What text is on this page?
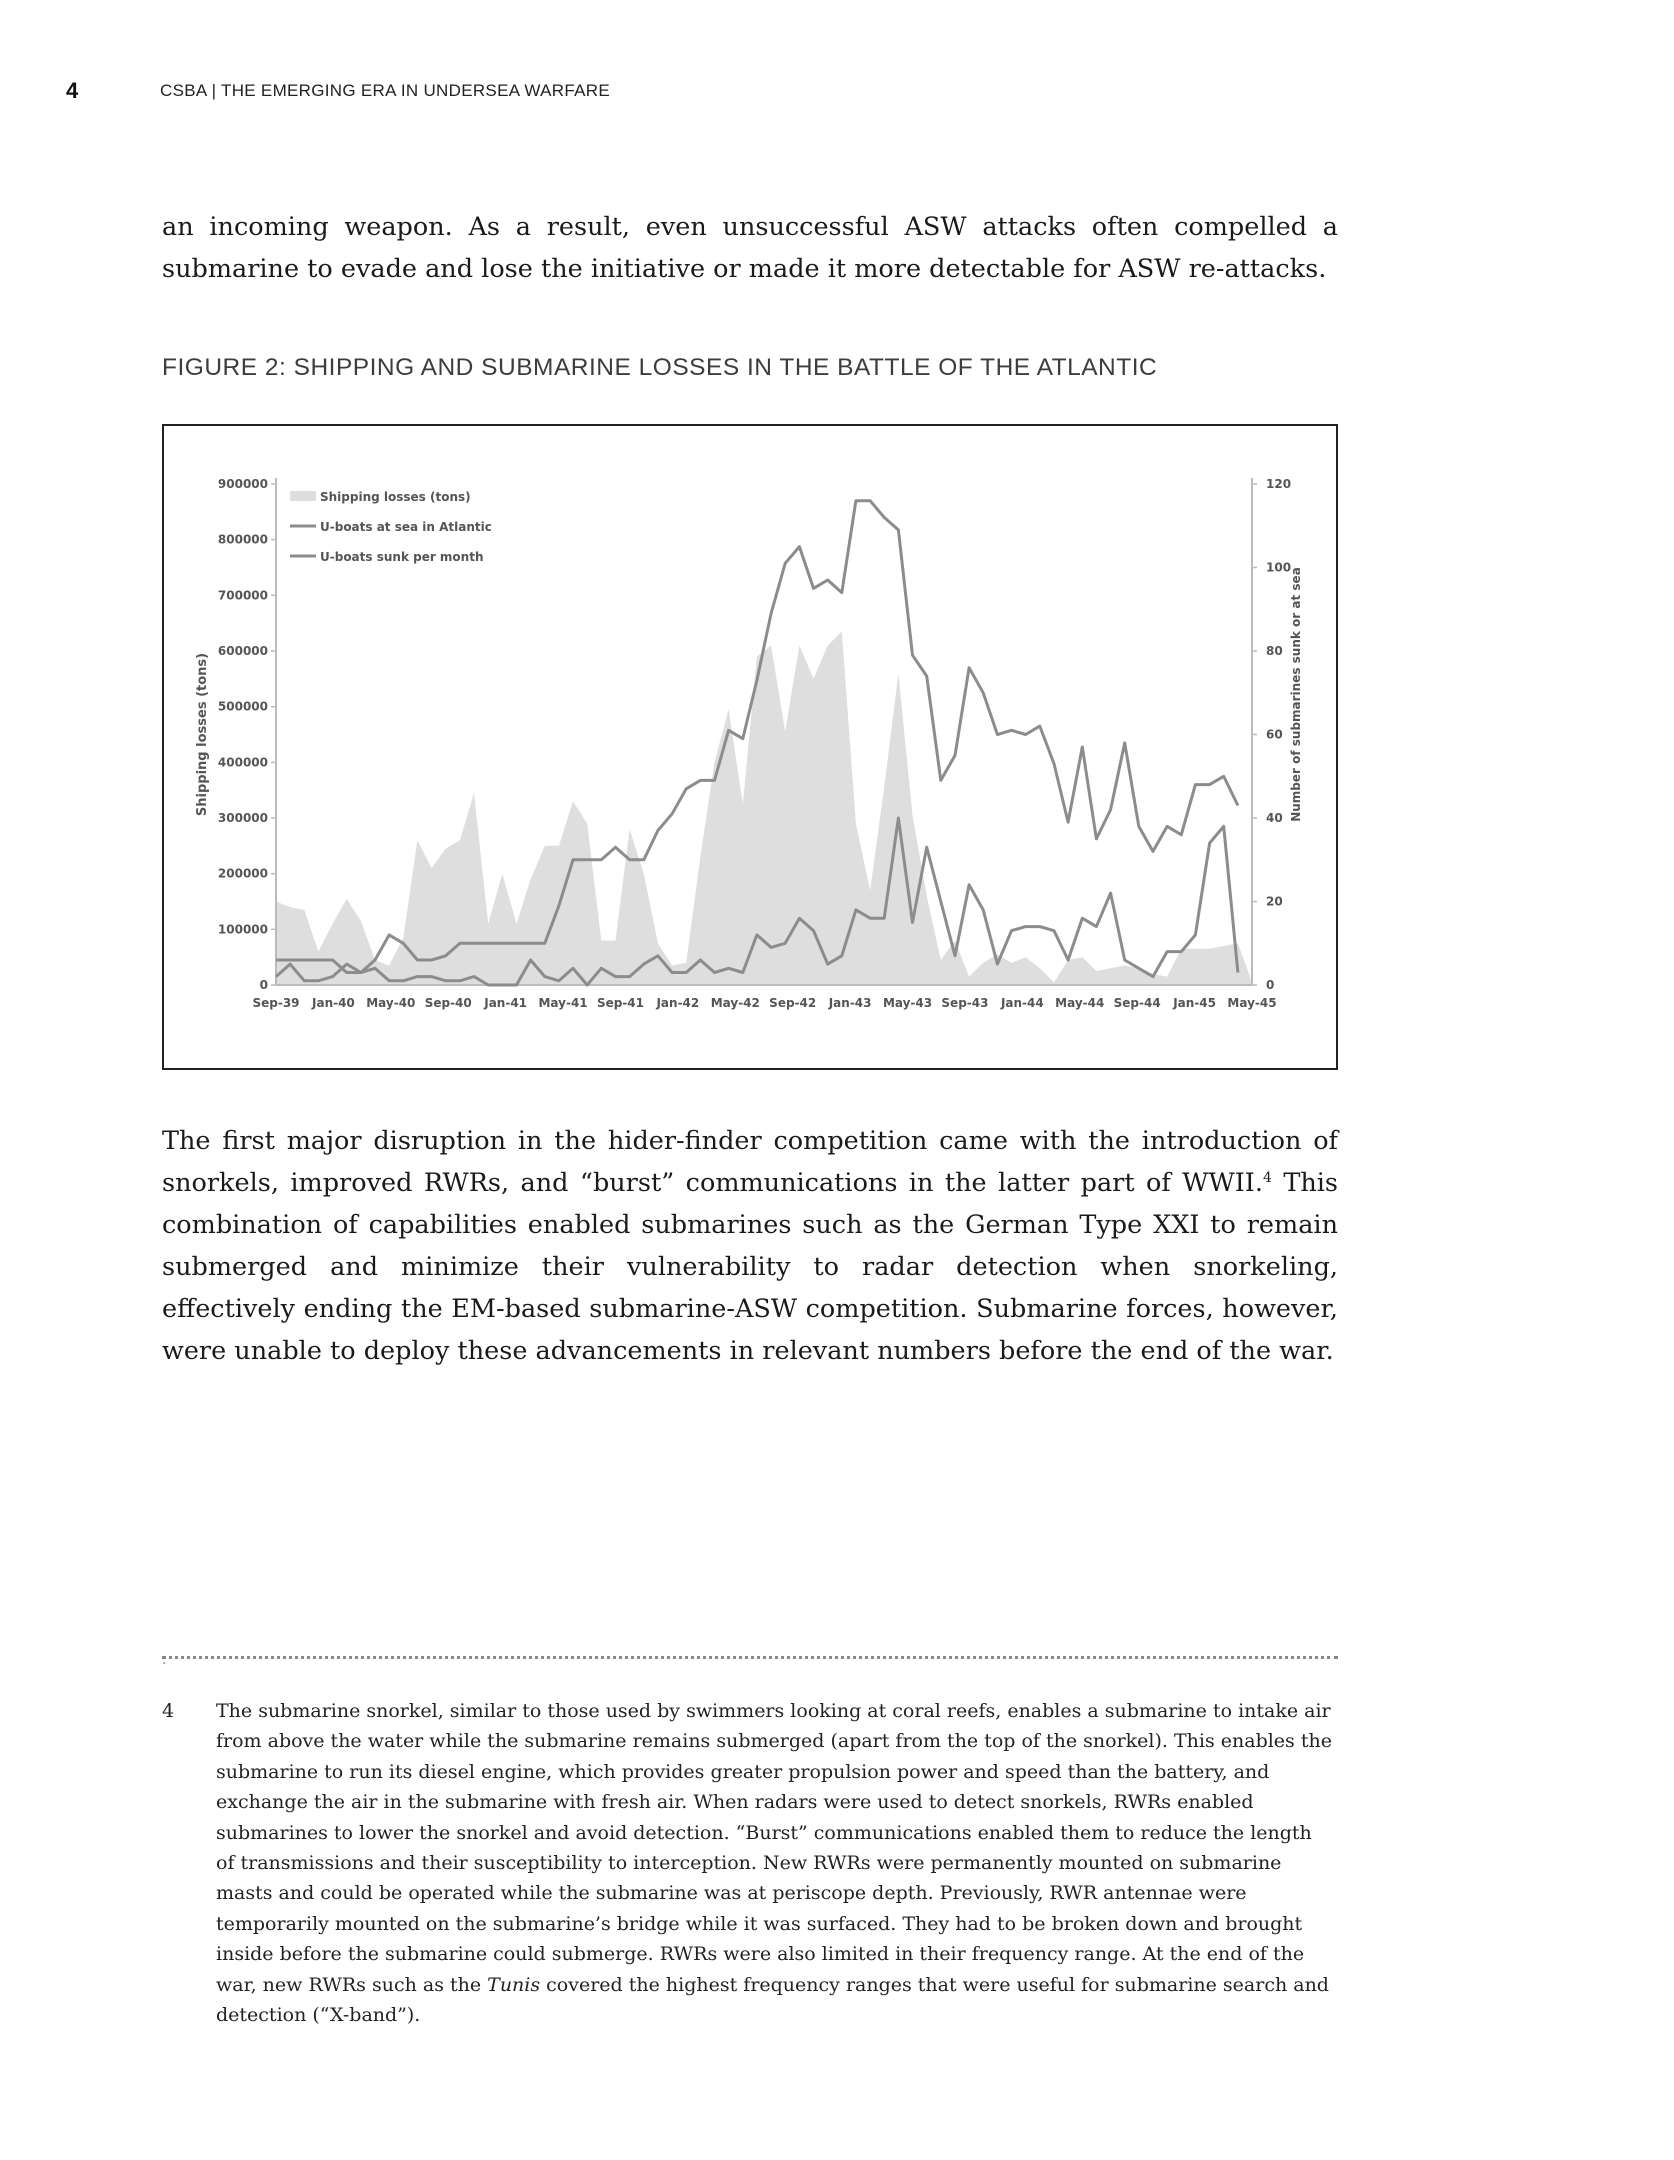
4	CSBA | THE EMERGING ERA IN UNDERSEA WARFARE

an incoming weapon. As a result, even unsuccessful ASW attacks often compelled a submarine to evade and lose the initiative or made it more detectable for ASW re-attacks.

FIGURE 2: SHIPPING AND SUBMARINE LOSSES IN THE BATTLE OF THE ATLANTIC
0
100000
200000
300000
400000
500000
600000
700000
800000
900000
0
20
40
60
80
100
120
Sep-39 Jan-40 May-40 Sep-40 Jan-41 May-41 Sep-41 Jan-42 May-42 Sep-42 Jan-43 May-43 Sep-43 Jan-44 May-44 Sep-44 Jan-45 May-45
Shipping losses (tons)	Number of submarines sunk or at sea
Shipping losses (tons)
U-boats at sea in Atlantic
U-boats sunk per month

The first major disruption in the hider-finder competition came with the introduction of snorkels, improved RWRs, and “burst” communications in the latter part of WWII.$^4$ This combination of capabilities enabled submarines such as the German Type XXI to remain submerged and minimize their vulnerability to radar detection when snorkeling, effectively ending the EM-based submarine-ASW competition. Submarine forces, however, were unable to deploy these advancements in relevant numbers before the end of the war.

.
4 The submarine snorkel, similar to those used by swimmers looking at coral reefs, enables a submarine to intake air from above the water while the submarine remains submerged (apart from the top of the snorkel). This enables the submarine to run its diesel engine, which provides greater propulsion power and speed than the battery, and exchange the air in the submarine with fresh air. When radars were used to detect snorkels, RWRs enabled submarines to lower the snorkel and avoid detection. “Burst” communications enabled them to reduce the length of transmissions and their susceptibility to interception. New RWRs were permanently mounted on submarine masts and could be operated while the submarine was at periscope depth. Previously, RWR antennae were temporarily mounted on the submarine’s bridge while it was surfaced. They had to be broken down and brought inside before the submarine could submerge. RWRs were also limited in their frequency range. At the end of the war, new RWRs such as the Tunis covered the highest frequency ranges that were useful for submarine search and detection (“X-band”).
